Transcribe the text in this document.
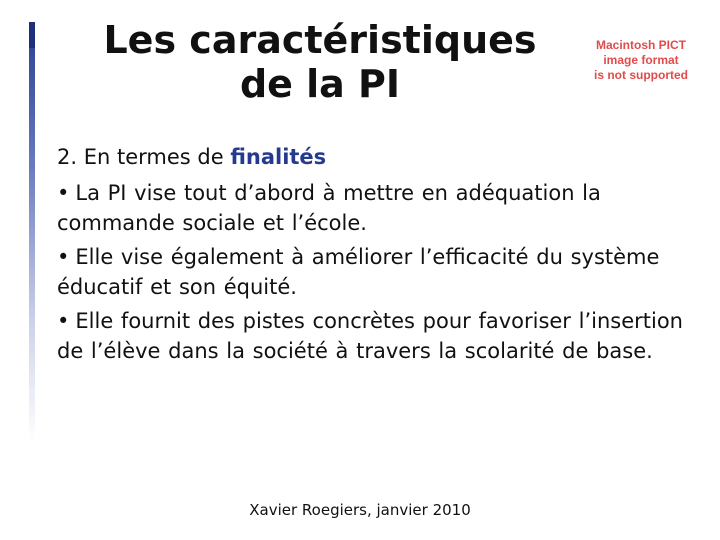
Les caractéristiques
de la PI
Macintosh PICT
image format
is not supported
2. En termes de finalités
• La PI vise tout d’abord à mettre en adéquation la commande sociale et l’école.
• Elle vise également à améliorer l’efficacité du système éducatif et son équité.
• Elle fournit des pistes concrètes pour favoriser l’insertion de l’élève dans la société à travers la scolarité de base.
Xavier Roegiers, janvier 2010
